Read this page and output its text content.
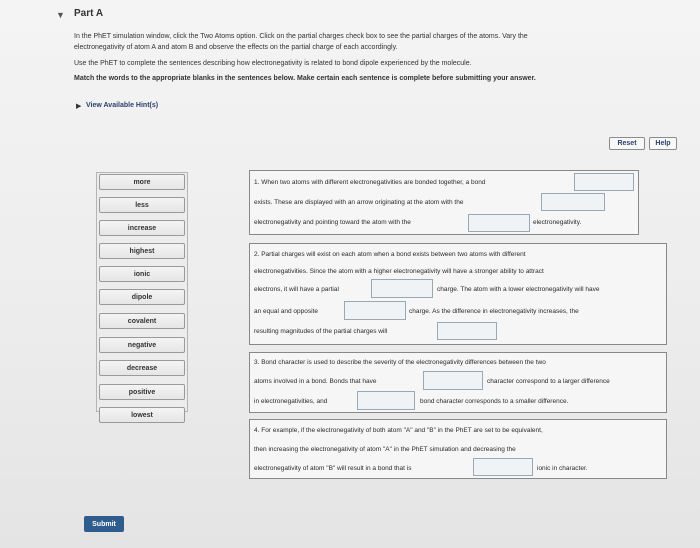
▼ Part A
In the PhET simulation window, click the Two Atoms option. Click on the partial charges check box to see the partial charges of the atoms. Vary the
electronegativity of atom A and atom B and observe the effects on the partial charge of each accordingly.
Use the PhET to complete the sentences describing how electronegativity is related to bond dipole experienced by the molecule.
Match the words to the appropriate blanks in the sentences below. Make certain each sentence is complete before submitting your answer.
▶ View Available Hint(s)
Reset	Help
more
less
increase
highest
ionic
dipole
covalent
negative
decrease
positive
lowest
1. When two atoms with different electronegativities are bonded together, a bond
exists. These are displayed with an arrow originating at the atom with the
electronegativity and pointing toward the atom with the	electronegativity.
2. Partial charges will exist on each atom when a bond exists between two atoms with different
electronegativities. Since the atom with a higher electronegativity will have a stronger ability to attract
electrons, it will have a partial	charge. The atom with a lower electronegativity will have
an equal and opposite	charge. As the difference in electronegativity increases, the
resulting magnitudes of the partial charges will
3. Bond character is used to describe the severity of the electronegativity differences between the two
atoms involved in a bond. Bonds that have	character correspond to a larger difference
in electronegativities, and	bond character corresponds to a smaller difference.
4. For example, if the electronegativity of both atom "A" and "B" in the PhET are set to be equivalent,
then increasing the electronegativity of atom "A" in the PhET simulation and decreasing the
electronegativity of atom "B" will result in a bond that is	ionic in character.
Submit
